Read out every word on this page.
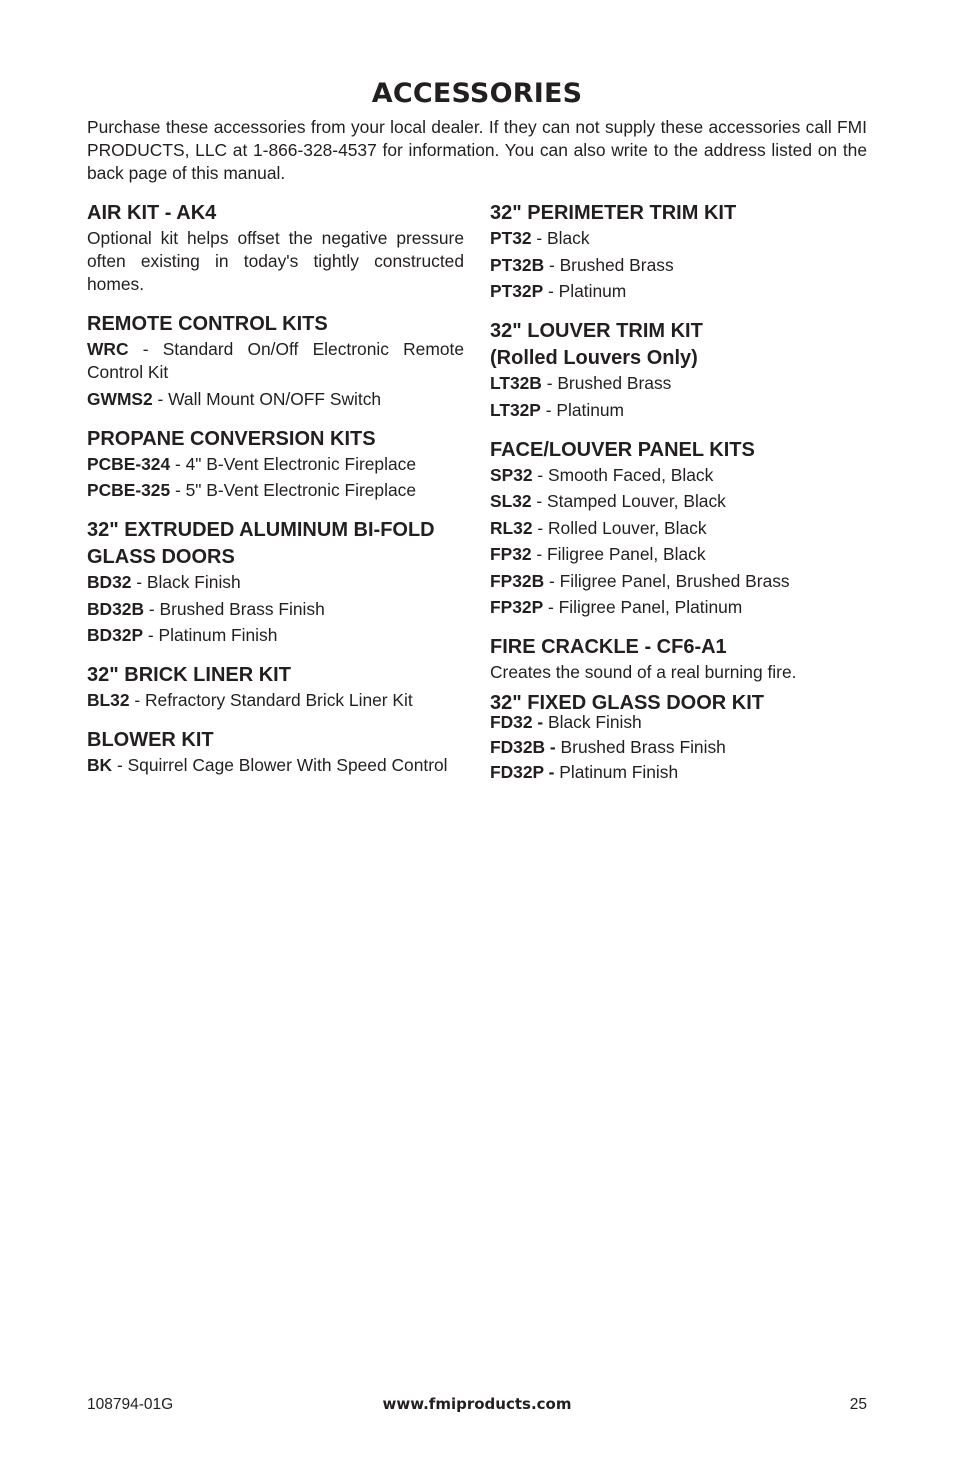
ACCESSORIES

Purchase these accessories from your local dealer. If they can not supply these accessories call FMI PRODUCTS, LLC at 1-866-328-4537 for information. You can also write to the address listed on the back page of this manual.

AIR KIT - AK4

Optional kit helps offset the negative pressure often existing in today's tightly constructed homes.

REMOTE CONTROL KITS

WRC - Standard On/Off Electronic Remote Control Kit

GWMS2 - Wall Mount ON/OFF Switch

PROPANE CONVERSION KITS

PCBE-324 - 4" B-Vent Electronic Fireplace

PCBE-325 - 5" B-Vent Electronic Fireplace

32" EXTRUDED ALUMINUM BI-FOLD
GLASS DOORS

BD32 - Black Finish

BD32B - Brushed Brass Finish

BD32P - Platinum Finish

32" BRICK LINER KIT

BL32 - Refractory Standard Brick Liner Kit

BLOWER KIT

BK - Squirrel Cage Blower With Speed Control

32" PERIMETER TRIM KIT

PT32 - Black

PT32B - Brushed Brass

PT32P - Platinum

32" LOUVER TRIM KIT
(Rolled Louvers Only)

LT32B - Brushed Brass

LT32P - Platinum

FACE/LOUVER PANEL KITS

SP32 - Smooth Faced, Black

SL32 - Stamped Louver, Black

RL32 - Rolled Louver, Black

FP32 - Filigree Panel, Black

FP32B - Filigree Panel, Brushed Brass

FP32P - Filigree Panel, Platinum

FIRE CRACKLE - CF6-A1

Creates the sound of a real burning fire.

32" FIXED GLASS DOOR KIT

FD32 - Black Finish

FD32B - Brushed Brass Finish

FD32P - Platinum Finish

108794-01G	www.fmiproducts.com	25
